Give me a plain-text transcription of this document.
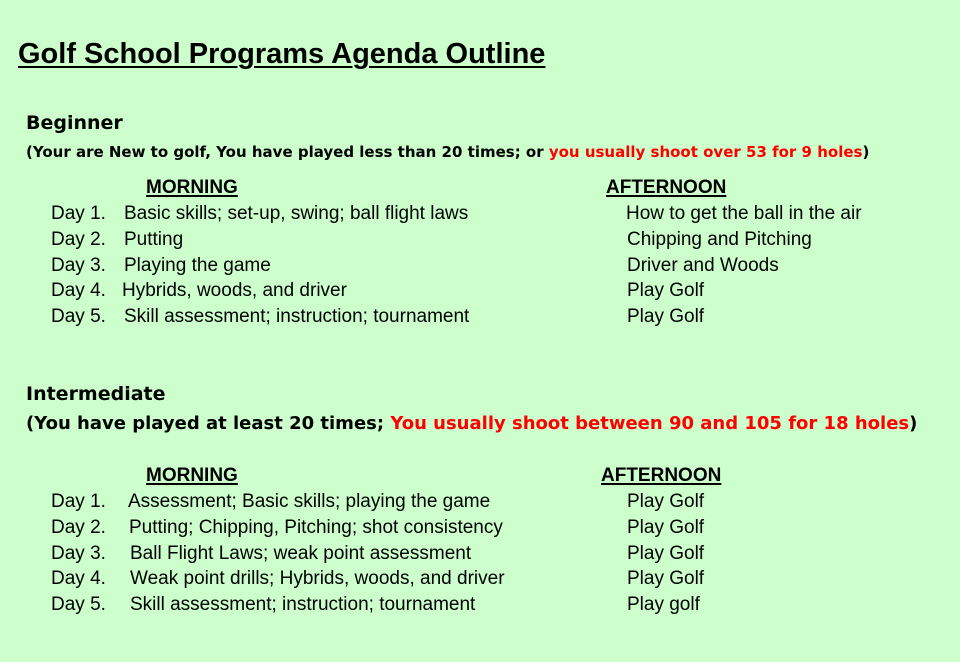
Golf School Programs Agenda Outline
Beginner
(Your are New to golf, You have played less than 20 times; or you usually shoot over 53 for 9 holes)
MORNING	AFTERNOON
Day 1. Basic skills; set-up, swing; ball flight laws	How to get the ball in the air
Day 2. Putting	Chipping and Pitching
Day 3. Playing the game	Driver and Woods
Day 4. Hybrids, woods, and driver	Play Golf
Day 5. Skill assessment; instruction; tournament	Play Golf
Intermediate
(You have played at least 20 times; You usually shoot between 90 and 105 for 18 holes)
MORNING	AFTERNOON
Day 1. Assessment; Basic skills; playing the game	Play Golf
Day 2. Putting; Chipping, Pitching; shot consistency	Play Golf
Day 3. Ball Flight Laws; weak point assessment	Play Golf
Day 4. Weak point drills; Hybrids, woods, and driver	Play Golf
Day 5. Skill assessment; instruction; tournament	Play golf
